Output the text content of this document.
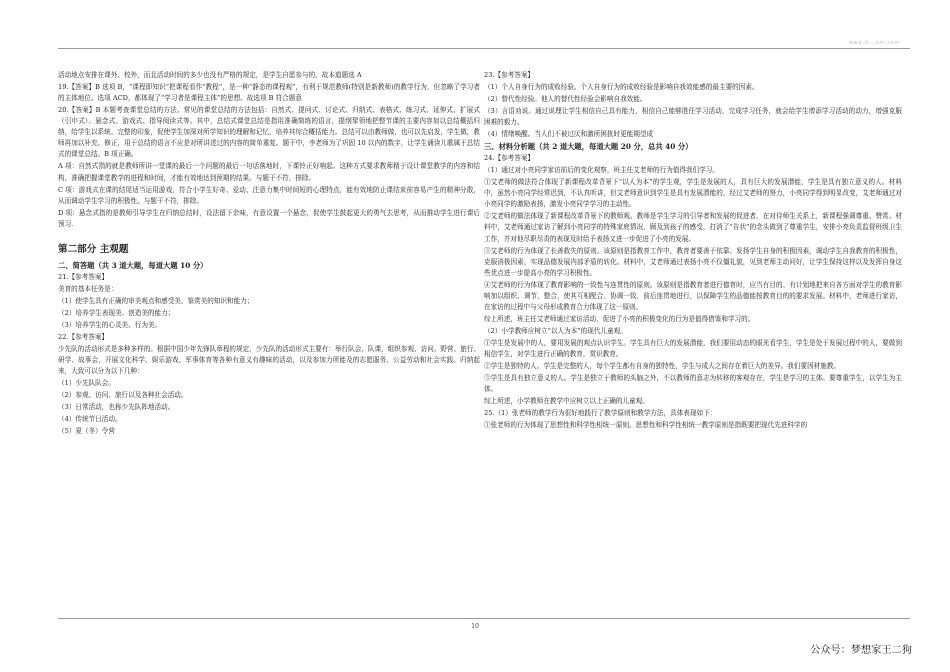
www.b...om.com

活动地点安排在课外、校外，而且活动时间的多少也没有严格的规定，是学生自愿参与的，故本道题选 A

19.【答案】B 选项 B，“课程即知识”把课程看作“教程”，是一种“静态的课程观”，有利于规范教师(特别是新教师)的教学行为，但忽略了学习者的主体地位。选项 ACD，都体现了“学习者是课程主体”的思想。故选项 B 符合题意

20.【答案】B 本题考查课堂总结的方法。常见的课堂总结的方法包括：自然式、提问式、讨论式、归纳式、表格式、练习式、延伸式、扩展式（引申式）、悬念式、游戏式、指导阅读式等。其中，总结式课堂总结是指用准确简练的语言，提纲挈领地把整节课的主要内容加以总结概括归纳，给学生以系统、完整的印象，促使学生加深对所学知识的理解和记忆，培养其综合概括能力。总结可以由教师做，也可以先启发，学生做，教师再加以补充、修正，用于总结的语言不应是对所讲述过的内容的简单重复。题干中，李老师为了巩固 10 以内的数字，让学生诵读儿歌属于总结式的课堂总结。B 项正确。

A 项：自然式指的就是教师所讲一堂课的最后一个问题的最后一句话落地时，下课铃正好响起。这种方式要求教师精于设计课堂教学的内容和结构，准确把握课堂教学的进程和时间，才能有效地达到预期的结果。与题干不符，排除。

C 项：游戏式在课的结尾适当运用游戏，符合小学生好奇、爱动、注意力集中时间短的心理特点，能有效地防止课结束前容易产生的精神分散，从而调动学生学习的积极性。与题干不符，排除。

D 项：悬念式指的是教师引导学生在归纳总结时，设法留下余味，有意设置一个悬念，促使学生鼓起更大的勇气去思考，从而推动学生进行课后预习.

第二部分 主观题

二、简答题（共 3 道大题，每道大题 10 分）

21.【参考答案】

美育的基本任务是：

（1）使学生具有正确的审美观点和感受美、鉴赏美的知识和能力；

（2）培养学生表现美、创造美的能力；

（3）培养学生的心灵美、行为美。

22.【参考答案】

少先队的活动形式是多种多样的。根据中国少年先锋队章程的规定，少先队的活动形式主要有：举行队会、队课，组织参观、访问、野营、旅行、研学、故事会，开展文化科学、娱乐游戏、军事体育等各种有意义有趣味的活动，以及参加力所能及的志愿服务、公益劳动和社会实践。归纳起来，大致可以分为以下几种：

（1）少先队队会。

（2）参观、访问、旅行以及各种社会活动。

（3）日常活动，也称少先队阵地活动。

（4）传统节日活动。

（5）夏（冬）令营

23.【参考答案】

（1）个人自身行为的成败经验。个人自身行为的成败经验是影响自我效能感的最主要的因素。

（2）替代性经验。他人的替代性经验会影响自我效能。

（3）言语劝说。通过说理让学生相信自己具有能力，相信自己能够胜任学习活动，完成学习任务，就会给学生增添学习活动的动力，增强克服困难的毅力。

（4）情绪唤醒。当人们不被过厌和激所困扰时更能期望成

三、材料分析题（共 2 道大题，每道大题 20 分，总共 40 分）

24.【参考答案】

（1）通过对小亮同学家访前后的变化观察，班主任艾老师的行为值得我们学习。

①艾老师的做法符合体现了新课程改革背景下“以人为本”的学生观，学生是发展的人，具有巨大的发展潜能，学生是具有独立意义的人。材料中，虽然小亮同学经常迟到，不认真听讲，但艾老师意识到学生是具有发展潜能的，经过艾老师的努力，小亮同学得到明显改变，艾老师通过对小亮同学的激励表扬，激发小亮同学学习的主动性。

②艾老师的做法体现了新课程改革背景下的教师观。教师是学生学习的引导者和发展的促进者，在对待师生关系上，新课程强调尊重、赞赏。材料中，艾老师通过家访了解到小亮同学的特殊家庭情况，顾及到孩子的感受，打消了“告状”的念头做到了尊重学生，安排小亮负责监督班级卫生工作，并对他尽职尽责的表现及时给予表扬又进一步促进了小亮的发展。

③艾老师的行为体现了长善救失的原则。该原则是指教育工作中，教育者要善于依靠、发扬学生自身的积极因素，调动学生自我教育的积极性，克服消极因素，实现品德发展内部矛盾的转化。材料中，艾老师通过表扬小亮不仅僵礼貌，见到老师主动问好，让学生保持这样以及发挥自身这些优点进一步提高小亮的学习积极性。

④艾老师的行为体现了教育影响的一致性与连贯性的原则。该原则是指教育者进行德育时，应当有目的、有计划地把来自各方面对学生的教育影响加以组织、调节，整合，使其互相配合、协调一致、前后连贯地进行，以保障学生的品德能按教育目的的要求发展。材料中，老师进行家访，在家访的过程中与父母形成教育合力体现了这一原则。

综上所述，班主任艾老师通过家访活动，促进了小亮的积极变化的行为是值得借鉴和学习的。

（2）小学教师应树立“以人为本”的现代儿童观。

①学生是发展中的人，要用发展的观点认识学生。学生具有巨大的发展潜能，我们要用动态的眼光看学生，学生是处于发展过程中的人，要做到相信学生，对学生进行正确的教育，赏识教育。

②学生是独特的人。学生是完整的人，每个学生都有自身的独特性，学生与成人之间存在着巨大的差异。我们要因材施教。

③学生是具有独立意义的人。学生是独立于教师的头脑之外，不以教师的意志为转移的客观存在，学生是学习的主体。要尊重学生，以学生为主体。

综上所述，小学教师在教学中应树立以上正确的儿童观。

25.（1）张老师的教学行为很好地践行了教学原则和教学方法，具体表现如下：

①张老师的行为体现了思想性和科学性相统一原则。思想性和科学性相统一教学原则是指既要把现代先进科学的

10
公众号：梦想家王二狗
